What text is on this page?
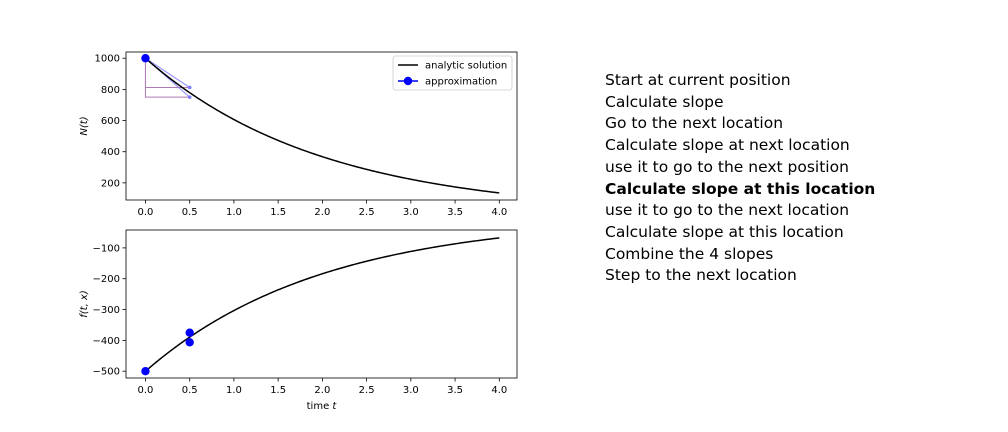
0.0	0.5	1.0	1.5	2.0	2.5	3.0	3.5	4.0
200
400
600
800
1000
N(t)
analytic solution
approximation
0.0	0.5	1.0	1.5	2.0	2.5	3.0	3.5	4.0
−500
−400
−300
−200
−100
f(t, x)
time t
Start at current position
Calculate slope
Go to the next location
Calculate slope at next location
use it to go to the next position
Calculate slope at this location
use it to go to the next location
Calculate slope at this location
Combine the 4 slopes
Step to the next location
